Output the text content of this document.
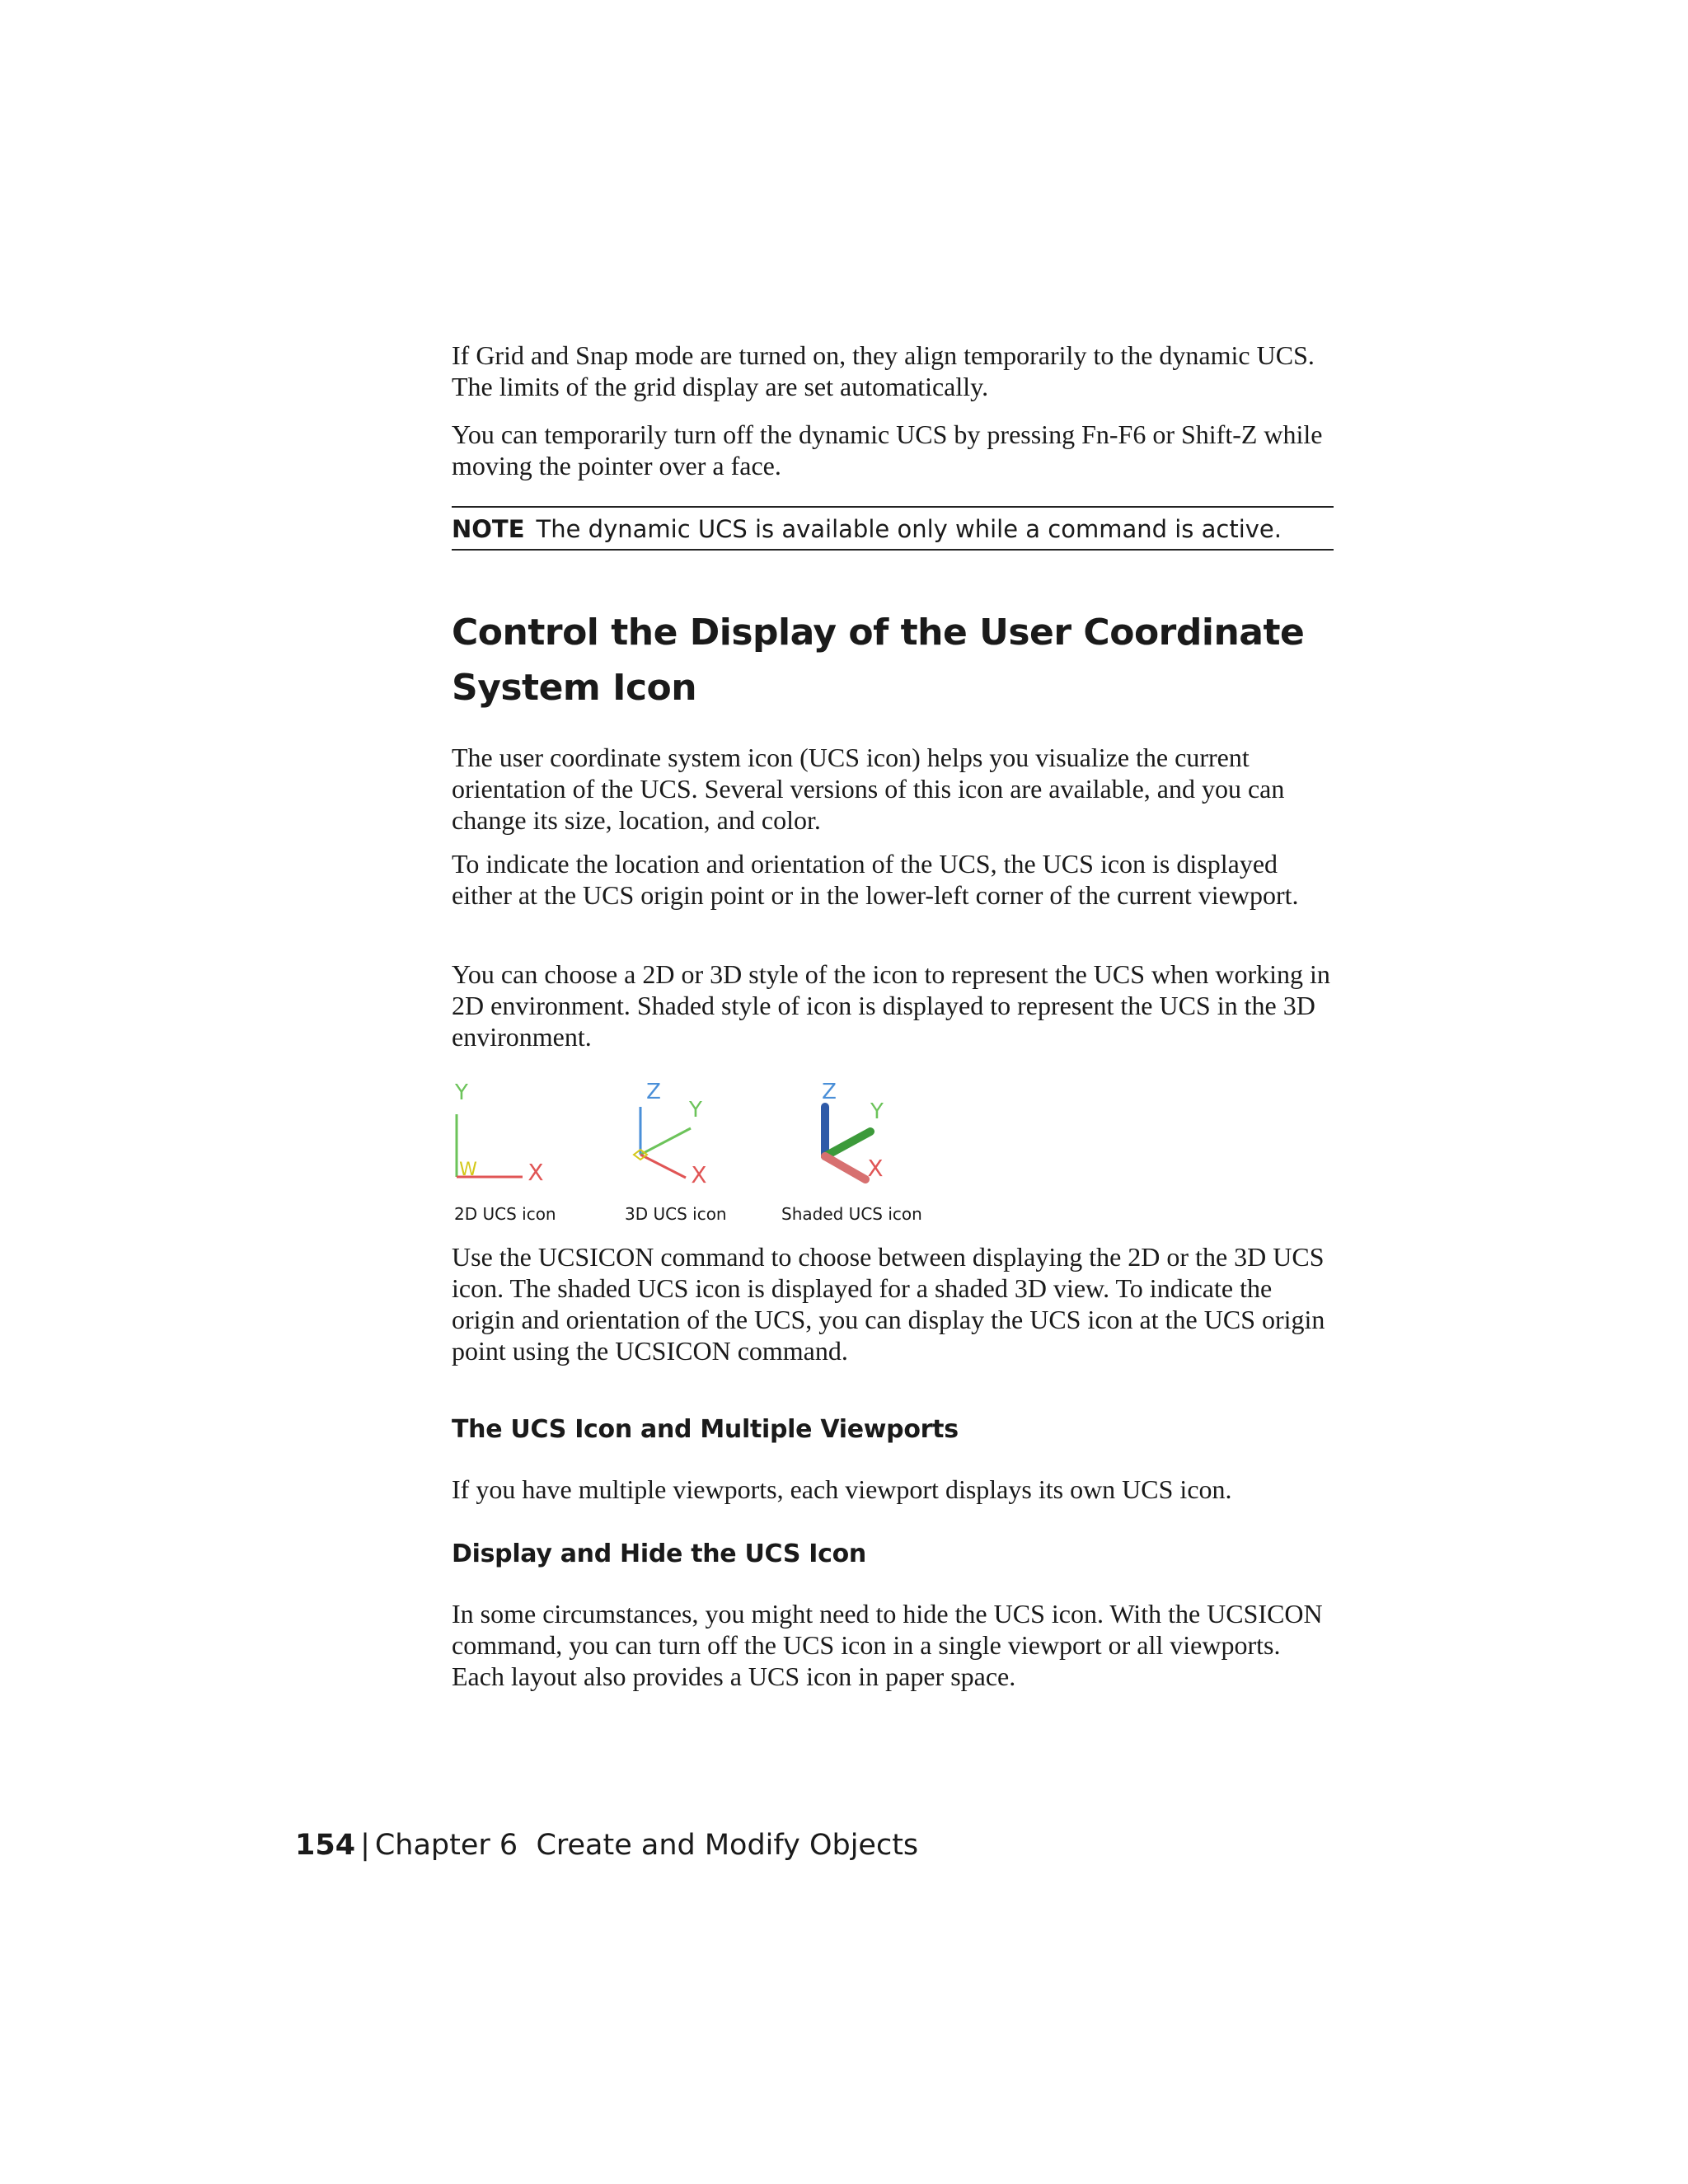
If Grid and Snap mode are turned on, they align temporarily to the dynamic UCS. The limits of the grid display are set automatically.

You can temporarily turn off the dynamic UCS by pressing Fn-F6 or Shift-Z while moving the pointer over a face.

NOTE The dynamic UCS is available only while a command is active.
Control the Display of the User Coordinate System Icon

The user coordinate system icon (UCS icon) helps you visualize the current orientation of the UCS. Several versions of this icon are available, and you can change its size, location, and color.

To indicate the location and orientation of the UCS, the UCS icon is displayed either at the UCS origin point or in the lower-left corner of the current viewport.

You can choose a 2D or 3D style of the icon to represent the UCS when working in 2D environment. Shaded style of icon is displayed to represent the UCS in the 3D environment.

Y
W X
2D UCS icon
Z
Y
X
3D UCS icon
Z
Y
X
Shaded UCS icon

Use the UCSICON command to choose between displaying the 2D or the 3D UCS icon. The shaded UCS icon is displayed for a shaded 3D view. To indicate the origin and orientation of the UCS, you can display the UCS icon at the UCS origin point using the UCSICON command.

The UCS Icon and Multiple Viewports

If you have multiple viewports, each viewport displays its own UCS icon.

Display and Hide the UCS Icon

In some circumstances, you might need to hide the UCS icon. With the UCSICON command, you can turn off the UCS icon in a single viewport or all viewports. Each layout also provides a UCS icon in paper space.

154 | Chapter 6 Create and Modify Objects
